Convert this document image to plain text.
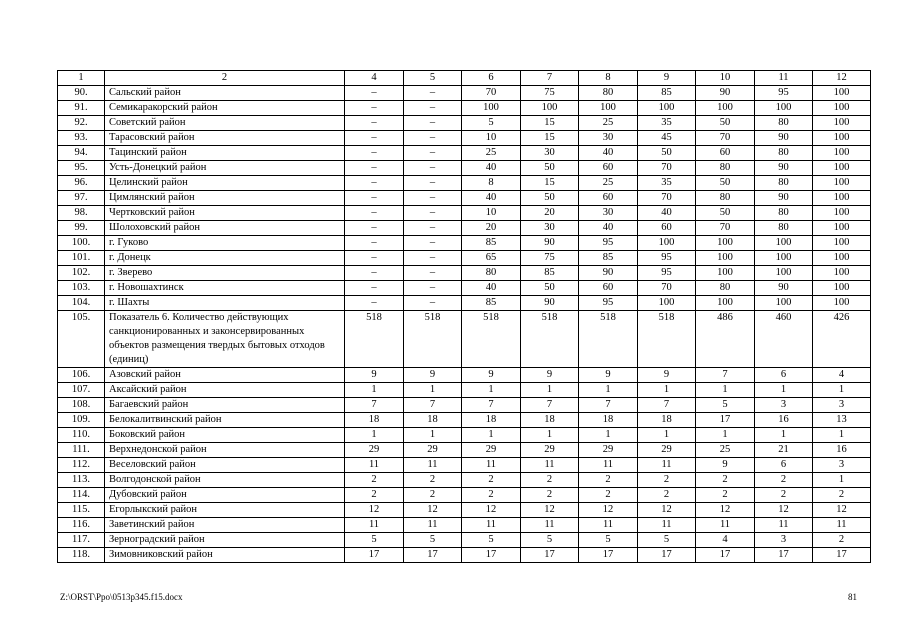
1	2	4	5	6	7	8	9	10	11	12
90.	Сальский район	–	–	70	75	80	85	90	95	100
91.	Семикаракорский район	–	–	100	100	100	100	100	100	100
92.	Советский район	–	–	5	15	25	35	50	80	100
93.	Тарасовский район	–	–	10	15	30	45	70	90	100
94.	Тацинский район	–	–	25	30	40	50	60	80	100
95.	Усть-Донецкий район	–	–	40	50	60	70	80	90	100
96.	Целинский район	–	–	8	15	25	35	50	80	100
97.	Цимлянский район	–	–	40	50	60	70	80	90	100
98.	Чертковский район	–	–	10	20	30	40	50	80	100
99.	Шолоховский район	–	–	20	30	40	60	70	80	100
100.	г. Гуково	–	–	85	90	95	100	100	100	100
101.	г. Донецк	–	–	65	75	85	95	100	100	100
102.	г. Зверево	–	–	80	85	90	95	100	100	100
103.	г. Новошахтинск	–	–	40	50	60	70	80	90	100
104.	г. Шахты	–	–	85	90	95	100	100	100	100
105.	Показатель 6. Количество действующих санкционированных и законсервированных объектов размещения твердых бытовых отходов (единиц)	518	518	518	518	518	518	486	460	426
106.	Азовский район	9	9	9	9	9	9	7	6	4
107.	Аксайский район	1	1	1	1	1	1	1	1	1
108.	Багаевский район	7	7	7	7	7	7	5	3	3
109.	Белокалитвинский район	18	18	18	18	18	18	17	16	13
110.	Боковский район	1	1	1	1	1	1	1	1	1
111.	Верхнедонской район	29	29	29	29	29	29	25	21	16
112.	Веселовский район	11	11	11	11	11	11	9	6	3
113.	Волгодонской район	2	2	2	2	2	2	2	2	1
114.	Дубовский район	2	2	2	2	2	2	2	2	2
115.	Егорлыкский район	12	12	12	12	12	12	12	12	12
116.	Заветинский район	11	11	11	11	11	11	11	11	11
117.	Зерноградский район	5	5	5	5	5	5	4	3	2
118.	Зимовниковский район	17	17	17	17	17	17	17	17	17
Z:\ORST\Ppo\0513p345.f15.docx	81
